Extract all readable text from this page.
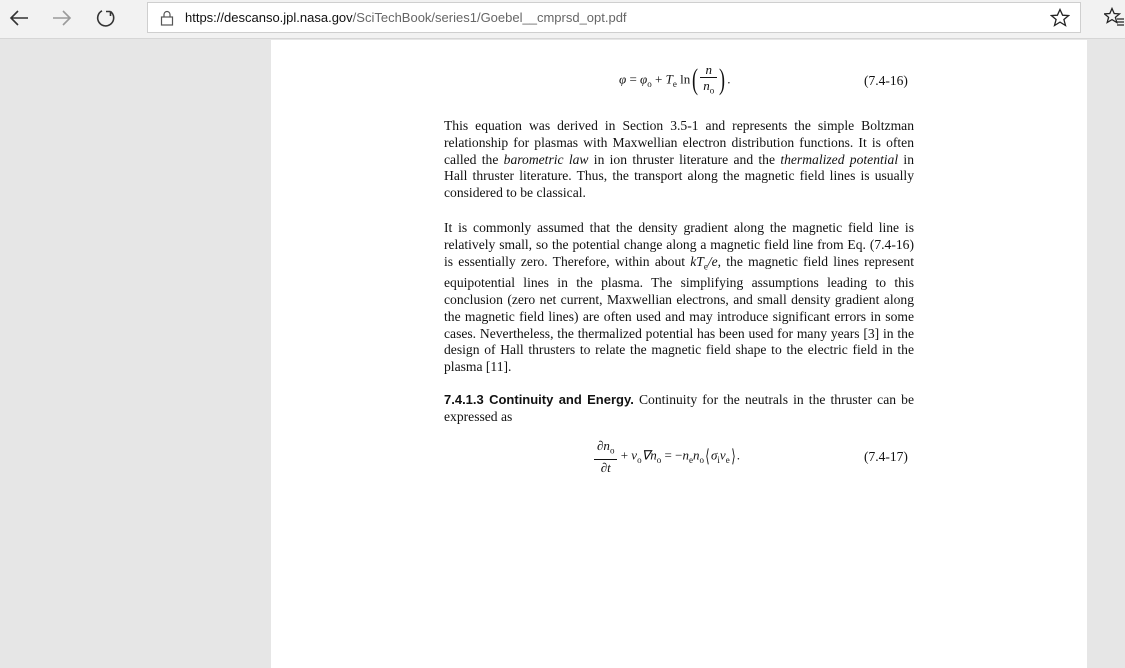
https://descanso.jpl.nasa.gov/SciTechBook/series1/Goebel__cmprsd_opt.pdf
$\varphi = \varphi_o + T_e$ $\ln( \frac{n}{n_o}$ ) .	(7.4-16)
This equation was derived in Section 3.5-1 and represents the simple Boltzman relationship for plasmas with Maxwellian electron distribution functions. It is often called the barometric law in ion thruster literature and the thermalized potential in Hall thruster literature. Thus, the transport along the magnetic field lines is usually considered to be classical.
It is commonly assumed that the density gradient along the magnetic field line is relatively small, so the potential change along a magnetic field line from Eq. (7.4-16) is essentially zero. Therefore, within about $kT_e/e$, the magnetic field lines represent equipotential lines in the plasma. The simplifying assumptions leading to this conclusion (zero net current, Maxwellian electrons, and small density gradient along the magnetic field lines) are often used and may introduce significant errors in some cases. Nevertheless, the thermalized potential has been used for many years [3] in the design of Hall thrusters to relate the magnetic field shape to the electric field in the plasma [11].
7.4.1.3 Continuity and Energy. Continuity for the neutrals in the thruster can be expressed as
$\frac{\partial n_o}{\partial t} + v_o\nabla n_o$ = $-n_en_o⟨\sigma_iv_e⟩$.	(7.4-17)
